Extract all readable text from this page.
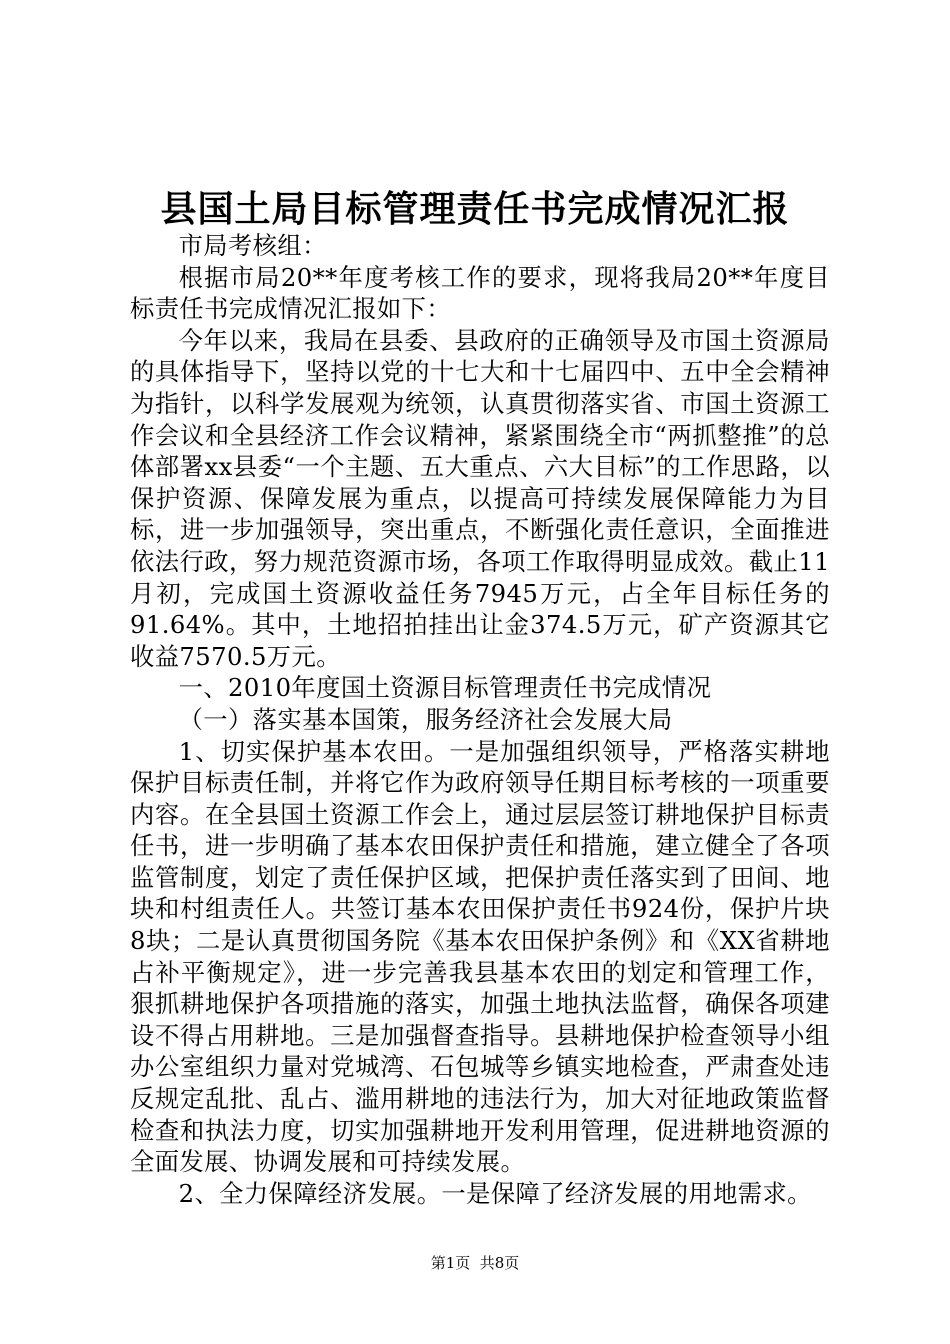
县国土局目标管理责任书完成情况汇报

市局考核组：

根据市局20**年度考核工作的要求，现将我局20**年度目标责任书完成情况汇报如下：

今年以来，我局在县委、县政府的正确领导及市国土资源局的具体指导下，坚持以党的十七大和十七届四中、五中全会精神为指针，以科学发展观为统领，认真贯彻落实省、市国土资源工作会议和全县经济工作会议精神，紧紧围绕全市“两抓整推”的总体部署xx县委“一个主题、五大重点、六大目标”的工作思路，以保护资源、保障发展为重点，以提高可持续发展保障能力为目标，进一步加强领导，突出重点，不断强化责任意识，全面推进依法行政，努力规范资源市场，各项工作取得明显成效。截止11月初，完成国土资源收益任务7945万元，占全年目标任务的91.64%。其中，土地招拍挂出让金374.5万元，矿产资源其它收益7570.5万元。

一、2010年度国土资源目标管理责任书完成情况

（一）落实基本国策，服务经济社会发展大局

1、切实保护基本农田。一是加强组织领导，严格落实耕地保护目标责任制，并将它作为政府领导任期目标考核的一项重要内容。在全县国土资源工作会上，通过层层签订耕地保护目标责任书，进一步明确了基本农田保护责任和措施，建立健全了各项监管制度，划定了责任保护区域，把保护责任落实到了田间、地块和村组责任人。共签订基本农田保护责任书924份，保护片块8块；二是认真贯彻国务院《基本农田保护条例》和《XX省耕地占补平衡规定》，进一步完善我县基本农田的划定和管理工作，狠抓耕地保护各项措施的落实，加强土地执法监督，确保各项建设不得占用耕地。三是加强督查指导。县耕地保护检查领导小组办公室组织力量对党城湾、石包城等乡镇实地检查，严肃查处违反规定乱批、乱占、滥用耕地的违法行为，加大对征地政策监督检查和执法力度，切实加强耕地开发利用管理，促进耕地资源的全面发展、协调发展和可持续发展。

2、全力保障经济发展。一是保障了经济发展的用地需求。

第1页  共8页
